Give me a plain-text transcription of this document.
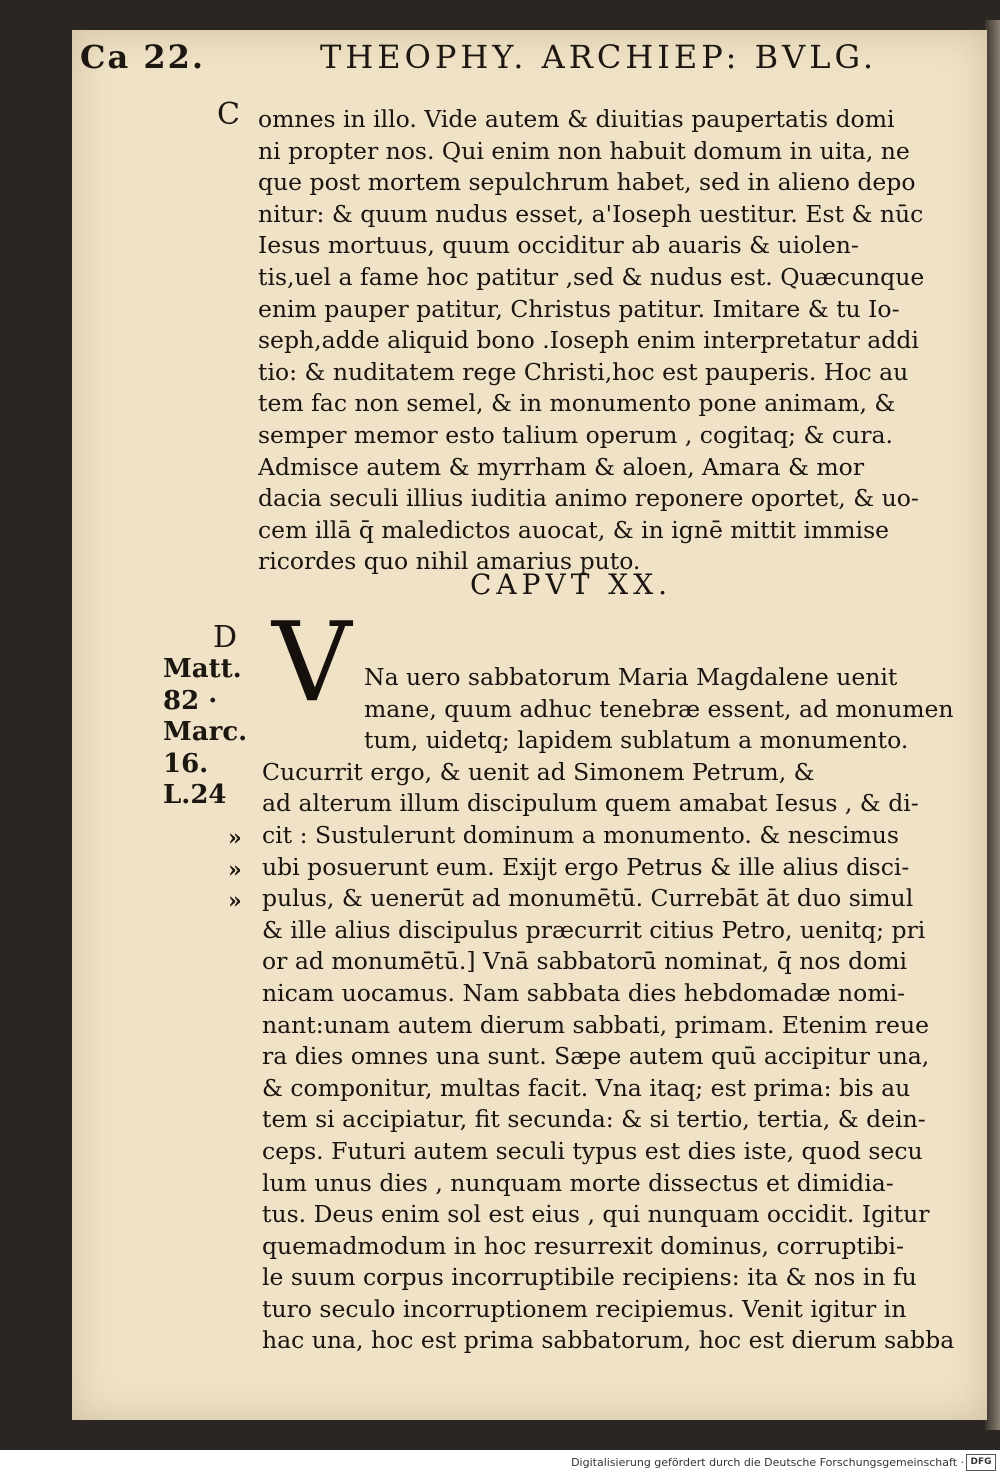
Ca 22.	THEOPHY. ARCHIEP: BVLG.
C
D
Matt.
82 ·
Marc.
16.
L.24
»
»
»
omnes in illo. Vide autem & diuitias paupertatis domi
ni propter nos. Qui enim non habuit domum in uita, ne
que post mortem sepulchrum habet, sed in alieno depo
nitur: & quum nudus esset, a'Ioseph uestitur. Est & nūc
Iesus mortuus, quum occiditur ab auaris & uiolen-
tis,uel a fame hoc patitur ,sed & nudus est. Quæcunque
enim pauper patitur, Christus patitur. Imitare & tu Io-
seph,adde aliquid bono .Ioseph enim interpretatur addi
tio: & nuditatem rege Christi,hoc est pauperis. Hoc au
tem fac non semel, & in monumento pone animam, &
semper memor esto talium operum , cogitaq; & cura.
Admisce autem & myrrham & aloen, Amara & mor
dacia seculi illius iuditia animo reponere oportet, & uo-
cem illā q̄ maledictos auocat, & in ignē mittit immise
ricordes quo nihil amarius puto.
CAPVT XX.
V Na uero sabbatorum Maria Magdalene uenit
mane, quum adhuc tenebræ essent, ad monumen
tum, uidetq; lapidem sublatum a monumento.
Cucurrit ergo, & uenit ad Simonem Petrum, &
ad alterum illum discipulum quem amabat Iesus , & di-
cit : Sustulerunt dominum a monumento. & nescimus
ubi posuerunt eum. Exijt ergo Petrus & ille alius disci-
pulus, & uenerūt ad monumētū. Currebāt āt duo simul
& ille alius discipulus præcurrit citius Petro, uenitq; pri
or ad monumētū.] Vnā sabbatorū nominat, q̄ nos domi
nicam uocamus. Nam sabbata dies hebdomadæ nomi-
nant:unam autem dierum sabbati, primam. Etenim reue
ra dies omnes una sunt. Sæpe autem quū accipitur una,
& componitur, multas facit. Vna itaq; est prima: bis au
tem si accipiatur, fit secunda: & si tertio, tertia, & dein-
ceps. Futuri autem seculi typus est dies iste, quod secu
lum unus dies , nunquam morte dissectus et dimidia-
tus. Deus enim sol est eius , qui nunquam occidit. Igitur
quemadmodum in hoc resurrexit dominus, corruptibi-
le suum corpus incorruptibile recipiens: ita & nos in fu
turo seculo incorruptionem recipiemus. Venit igitur in
hac una, hoc est prima sabbatorum, hoc est dierum sabba
Digitalisierung gefördert durch die Deutsche Forschungsgemeinschaft · DFG
